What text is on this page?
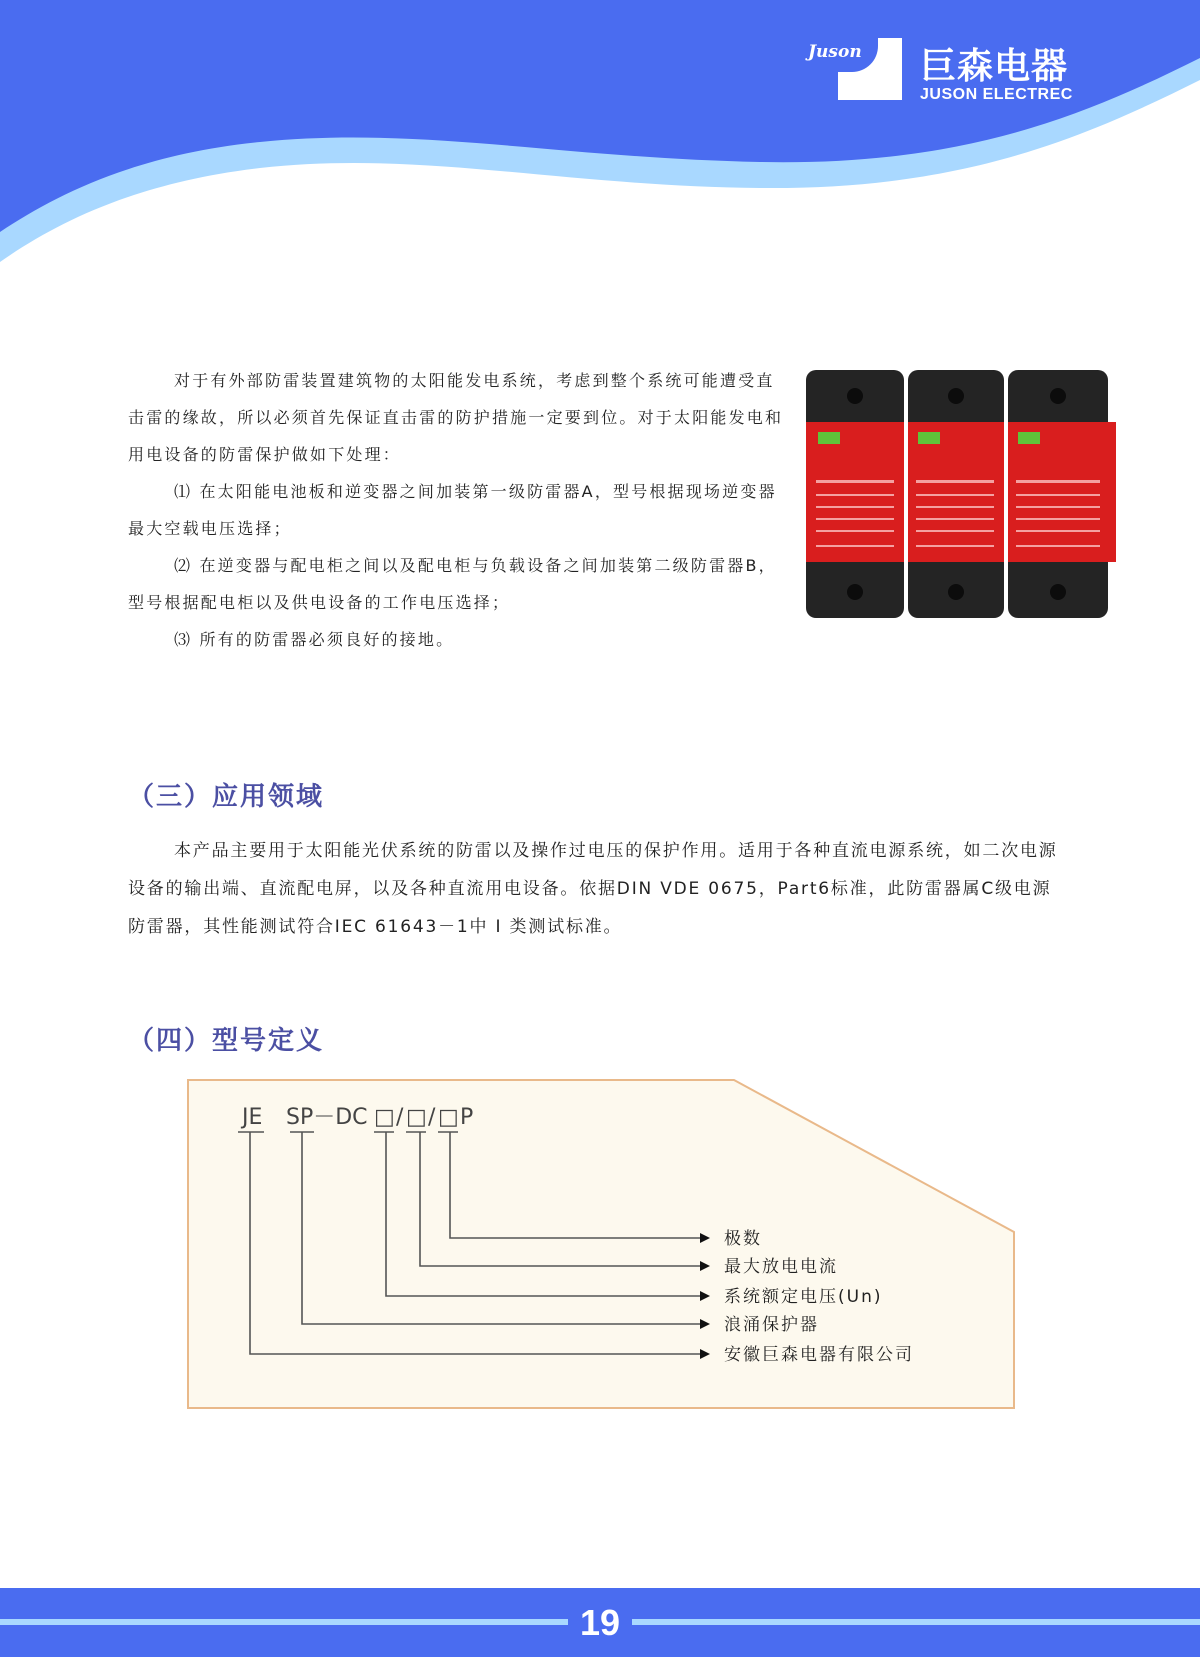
Juson 巨森电器
JUSON ELECTREC

对于有外部防雷装置建筑物的太阳能发电系统，考虑到整个系统可能遭受直击雷的缘故，所以必须首先保证直击雷的防护措施一定要到位。对于太阳能发电和用电设备的防雷保护做如下处理：

⑴ 在太阳能电池板和逆变器之间加装第一级防雷器A，型号根据现场逆变器最大空载电压选择；

⑵ 在逆变器与配电柜之间以及配电柜与负载设备之间加装第二级防雷器B，型号根据配电柜以及供电设备的工作电压选择；

⑶ 所有的防雷器必须良好的接地。

（三）应用领域

本产品主要用于太阳能光伏系统的防雷以及操作过电压的保护作用。适用于各种直流电源系统，如二次电源设备的输出端、直流配电屏，以及各种直流用电设备。依据DIN VDE 0675，Part6标准，此防雷器属C级电源防雷器，其性能测试符合IEC 61643－1中 Ⅰ 类测试标准。

（四）型号定义
JE SP－DC □ / □ / □ P
极数
最大放电电流
系统额定电压(Un)
浪涌保护器
安徽巨森电器有限公司
19
